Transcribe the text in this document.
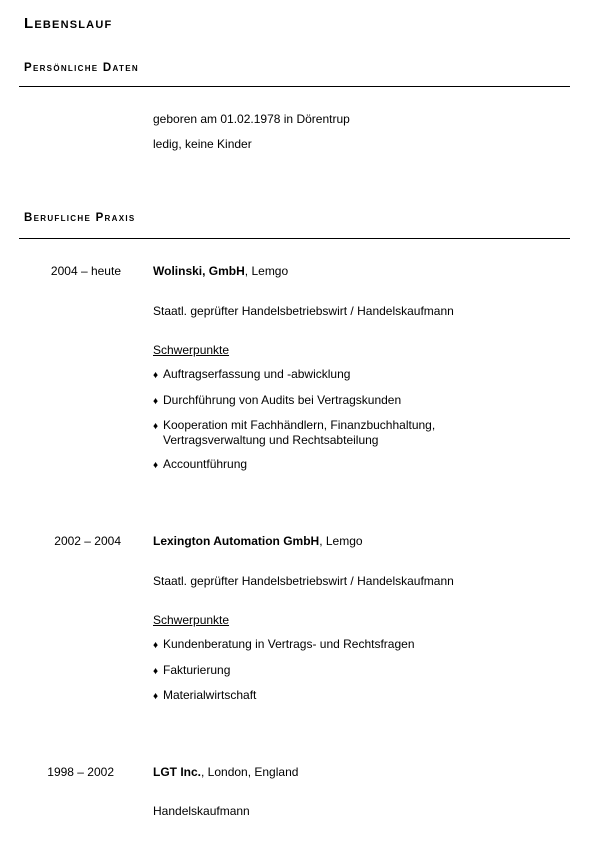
Lebenslauf
Persönliche Daten
geboren am 01.02.1978 in Dörentrup
ledig, keine Kinder
Berufliche Praxis
2004 – heute	Wolinski, GmbH, Lemgo
Staatl. geprüfter Handelsbetriebswirt / Handelskaufmann
Schwerpunkte
♦ Auftragserfassung und -abwicklung
♦ Durchführung von Audits bei Vertragskunden
♦ Kooperation mit Fachhändlern, Finanzbuchhaltung,
Vertragsverwaltung und Rechtsabteilung
♦ Accountführung
2002 – 2004	Lexington Automation GmbH, Lemgo
Staatl. geprüfter Handelsbetriebswirt / Handelskaufmann
Schwerpunkte
♦ Kundenberatung in Vertrags- und Rechtsfragen
♦ Fakturierung
♦ Materialwirtschaft
1998 – 2002	LGT Inc., London, England
Handelskaufmann
